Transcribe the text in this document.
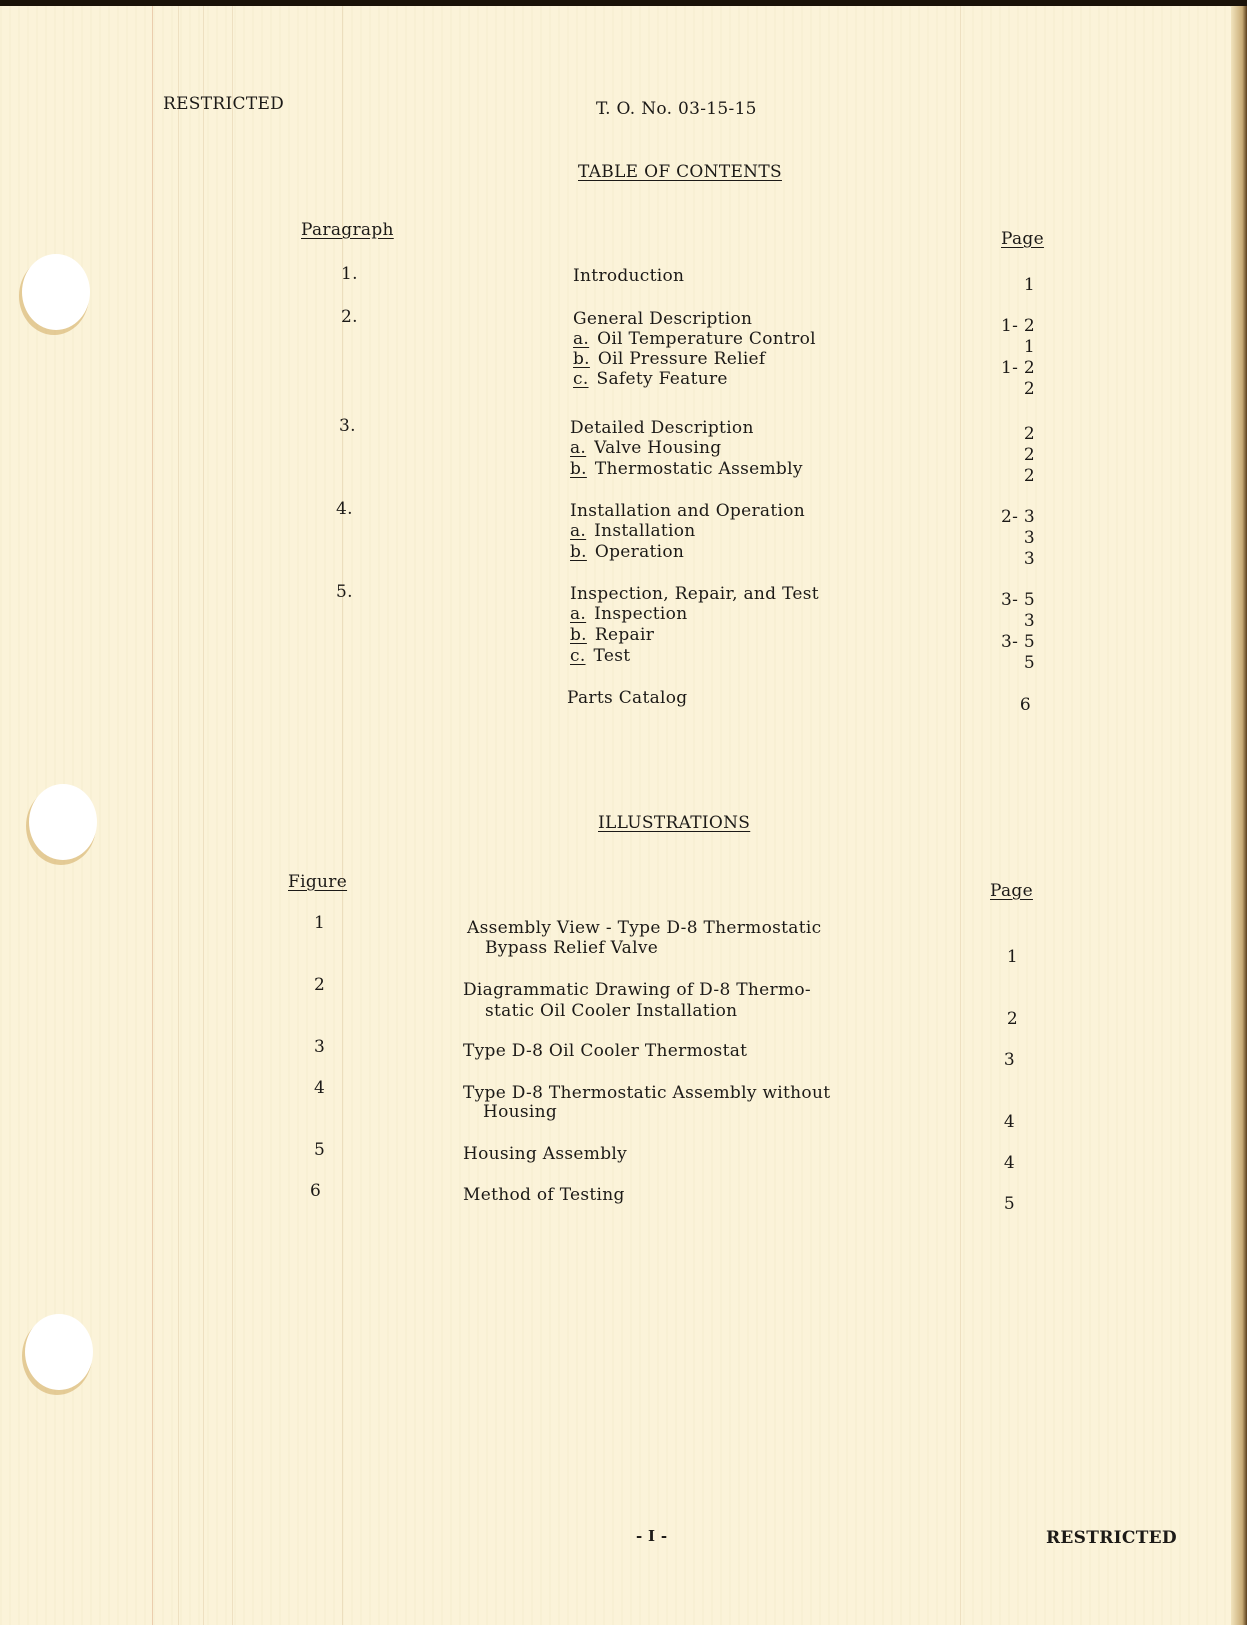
RESTRICTED	T. O. No. 03-15-15
TABLE OF CONTENTS
Paragraph	Page
1.	Introduction	1
2.	General Description	1- 2
a. Oil Temperature Control	1
b. Oil Pressure Relief	1- 2
c. Safety Feature	2
3.	Detailed Description	2
a. Valve Housing	2
b. Thermostatic Assembly	2
4.	Installation and Operation	2- 3
a. Installation	3
b. Operation	3
5.	Inspection, Repair, and Test	3- 5
a. Inspection	3
b. Repair	3- 5
c. Test	5
Parts Catalog	6
ILLUSTRATIONS
Figure	Page
1	Assembly View - Type D-8 Thermostatic
Bypass Relief Valve	1
2	Diagrammatic Drawing of D-8 Thermo-
static Oil Cooler Installation	2
3	Type D-8 Oil Cooler Thermostat	3
4	Type D-8 Thermostatic Assembly without
Housing	4
5	Housing Assembly	4
6	Method of Testing	5
- I -	RESTRICTED
